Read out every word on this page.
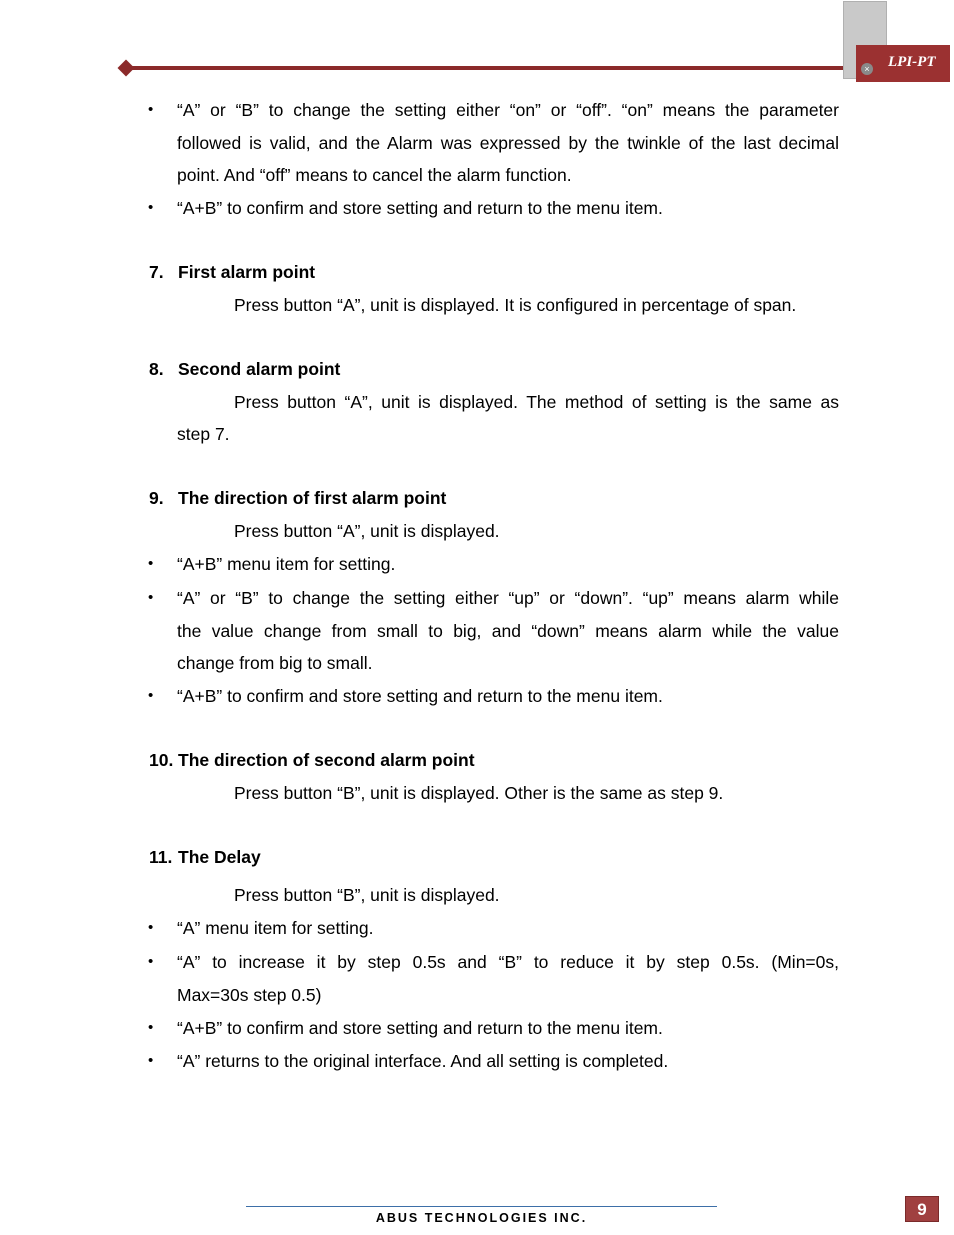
LPI-PT
×
• “A” or “B” to change the setting either “on” or “off”. “on” means the parameter
followed is valid, and the Alarm was expressed by the twinkle of the last decimal
point. And “off” means to cancel the alarm function.
• “A+B” to confirm and store setting and return to the menu item.
7. First alarm point
Press button “A”, unit is displayed. It is configured in percentage of span.
8. Second alarm point
Press button “A”, unit is displayed. The method of setting is the same as
step 7.
9. The direction of first alarm point
Press button “A”, unit is displayed.
• “A+B” menu item for setting.
• “A” or “B” to change the setting either “up” or “down”. “up” means alarm while
the value change from small to big, and “down” means alarm while the value
change from big to small.
• “A+B” to confirm and store setting and return to the menu item.
10. The direction of second alarm point
Press button “B”, unit is displayed. Other is the same as step 9.
11. The Delay
Press button “B”, unit is displayed.
• “A” menu item for setting.
• “A” to increase it by step 0.5s and “B” to reduce it by step 0.5s. (Min=0s,
Max=30s step 0.5)
• “A+B” to confirm and store setting and return to the menu item.
• “A” returns to the original interface. And all setting is completed.
ABUS TECHNOLOGIES INC.	9
